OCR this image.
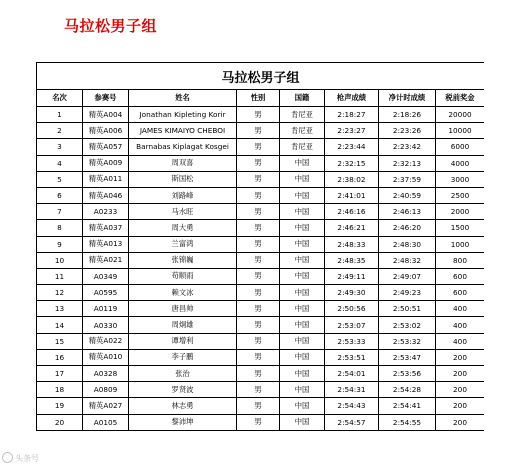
马拉松男子组
马拉松男子组							
名次	参赛号	姓名	性别	国籍	枪声成绩	净计时成绩	税前奖金
1	精英A004	Jonathan Kipleting Korir	男	肯尼亚	2:18:27	2:18:26	20000
2	精英A006	JAMES KIMAIYO CHEBOI	男	肯尼亚	2:23:27	2:23:26	10000
3	精英A057	Barnabas Kiplagat Kosgei	男	肯尼亚	2:23:44	2:23:42	6000
4	精英A009	周双喜	男	中国	2:32:15	2:32:13	4000
5	精英A011	斯国松	男	中国	2:38:02	2:37:59	3000
6	精英A046	刘路峰	男	中国	2:41:01	2:40:59	2500
7	A0233	马水旺	男	中国	2:46:16	2:46:13	2000
8	精英A037	周大勇	男	中国	2:46:21	2:46:20	1500
9	精英A013	兰富鸿	男	中国	2:48:33	2:48:30	1000
10	精英A021	张锦巍	男	中国	2:48:35	2:48:32	800
11	A0349	苟顺雨	男	中国	2:49:11	2:49:07	600
12	A0595	赖文冰	男	中国	2:49:30	2:49:23	600
13	A0119	唐昌帅	男	中国	2:50:56	2:50:51	400
14	A0330	周炯雄	男	中国	2:53:07	2:53:02	400
15	精英A022	谭增利	男	中国	2:53:33	2:53:32	400
16	精英A010	李子鹏	男	中国	2:53:51	2:53:47	200
17	A0328	张治	男	中国	2:54:01	2:53:56	200
18	A0809	罗贤波	男	中国	2:54:31	2:54:28	200
19	精英A027	林志勇	男	中国	2:54:43	2:54:41	200
20	A0105	黎沛坤	男	中国	2:54:57	2:54:55	200
头条号
